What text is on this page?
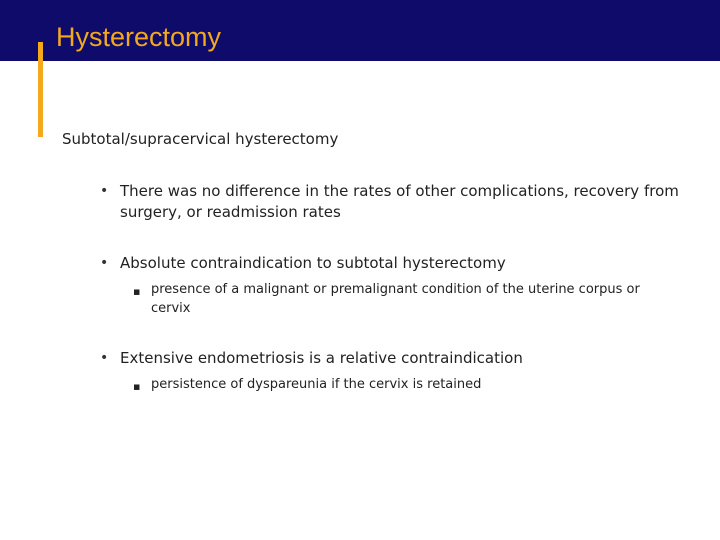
Hysterectomy

Subtotal/supracervical hysterectomy

• There was no difference in the rates of other complications, recovery from surgery, or readmission rates
• Absolute contraindication to subtotal hysterectomy
▪ presence of a malignant or premalignant condition of the uterine corpus or cervix
• Extensive endometriosis is a relative contraindication
▪ persistence of dyspareunia if the cervix is retained
